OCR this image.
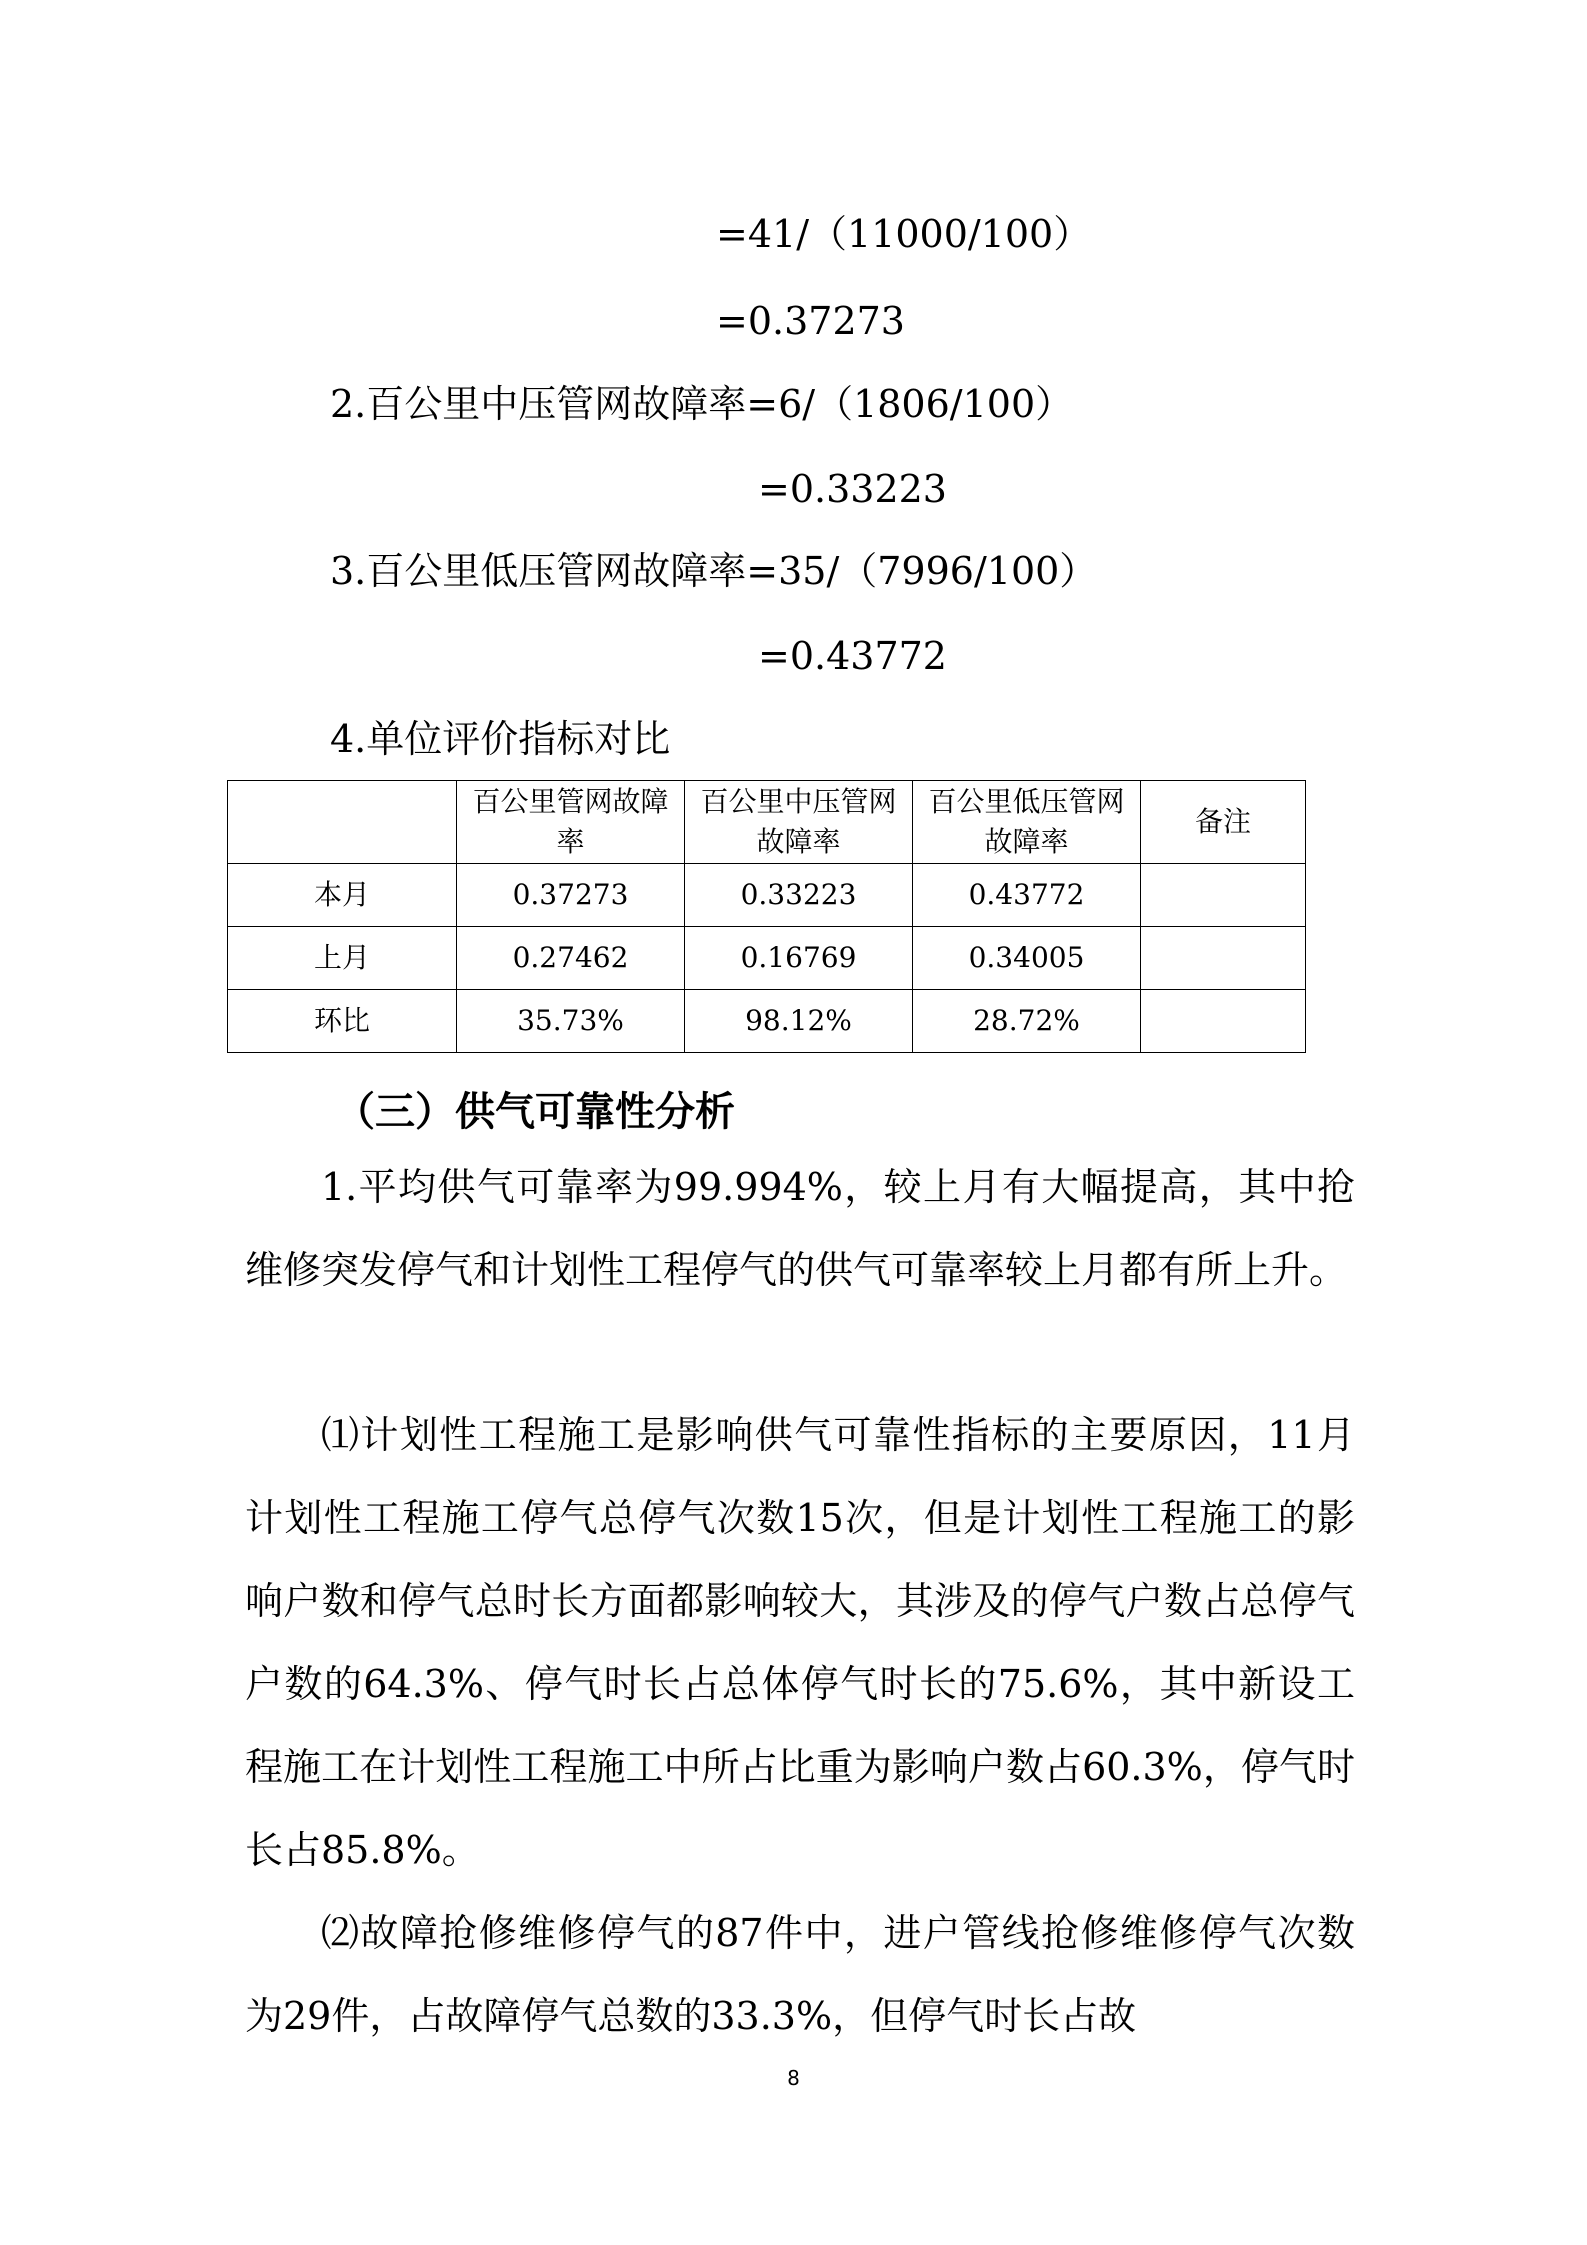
=41/（11000/100）
=0.37273
2.百公里中压管网故障率=6/（1806/100）
=0.33223
3.百公里低压管网故障率=35/（7996/100）
=0.43772
4.单位评价指标对比
	百公里管网故障率	百公里中压管网故障率	百公里低压管网故障率	备注
本月	0.37273	0.33223	0.43772	
上月	0.27462	0.16769	0.34005	
环比	35.73%	98.12%	28.72%	
（三）供气可靠性分析
1.平均供气可靠率为99.994%，较上月有大幅提高，其中抢维修突发停气和计划性工程停气的供气可靠率较上月都有所上升。
⑴计划性工程施工是影响供气可靠性指标的主要原因，11月计划性工程施工停气总停气次数15次，但是计划性工程施工的影响户数和停气总时长方面都影响较大，其涉及的停气户数占总停气户数的64.3%、停气时长占总体停气时长的75.6%，其中新设工程施工在计划性工程施工中所占比重为影响户数占60.3%，停气时长占85.8%。
⑵故障抢修维修停气的87件中，进户管线抢修维修停气次数为29件，占故障停气总数的33.3%，但停气时长占故
8
